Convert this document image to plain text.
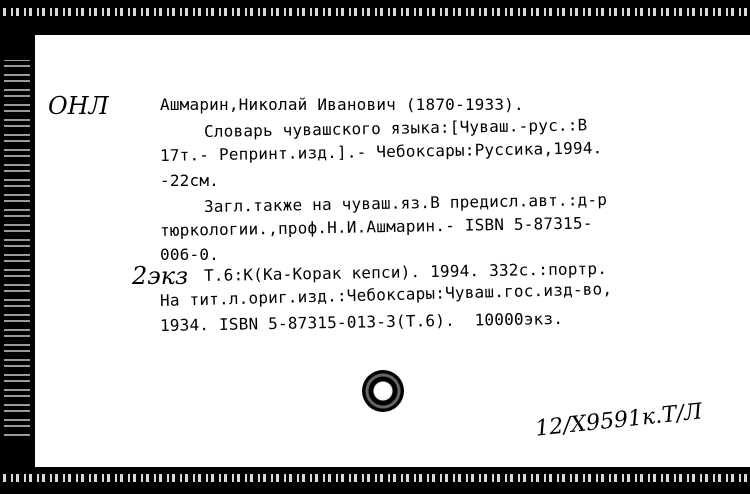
ОНЛ	Ашмарин,Николай Иванович (1870-1933).
Словарь чувашского языка:[Чуваш.-рус.:В
17т.- Репринт.изд.].- Чебоксары:Руссика,1994.
-22см.
Загл.также на чуваш.яз.В предисл.авт.:д-р
тюркологии.,проф.Н.И.Ашмарин.- ISBN 5-87315-
006-0.
2экз Т.6:К(Ка-Корак кепси). 1994. 332с.:портр.
На тит.л.ориг.изд.:Чебоксары:Чуваш.гос.изд-во,
1934. ISBN 5-87315-013-3(Т.6).  10000экз.
12/Х9591к.Т/Л
